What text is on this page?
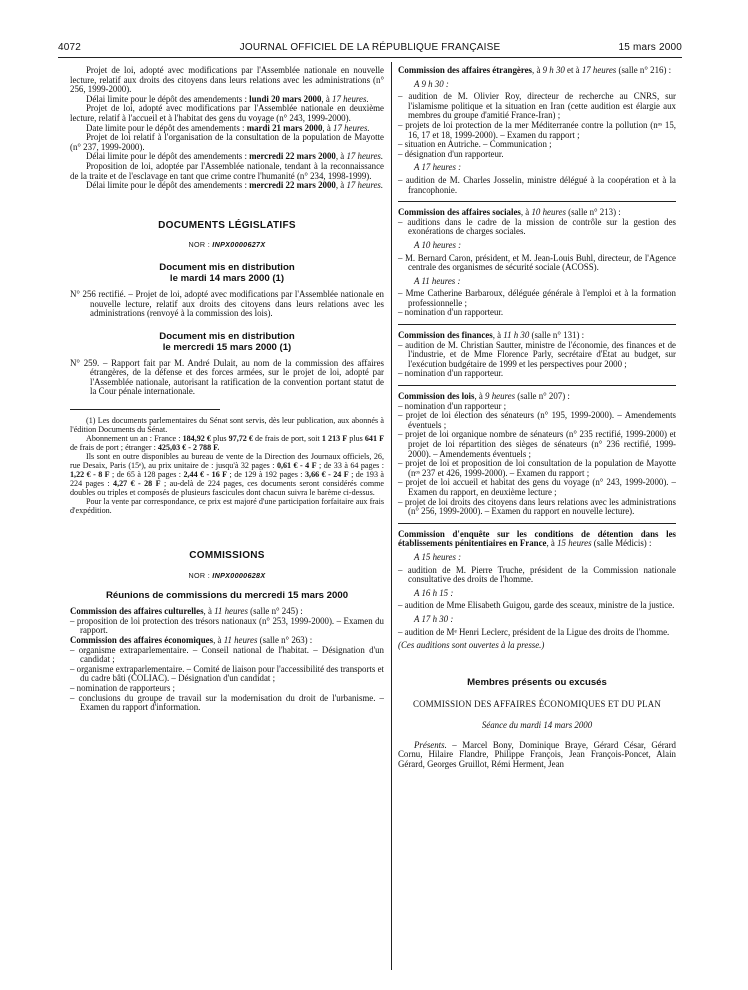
4072	JOURNAL OFFICIEL DE LA RÉPUBLIQUE FRANÇAISE	15 mars 2000

Projet de loi, adopté avec modifications par l'Assemblée nationale en nouvelle lecture, relatif aux droits des citoyens dans leurs relations avec les administrations (n° 256, 1999-2000).

Délai limite pour le dépôt des amendements : lundi 20 mars 2000, à 17 heures.

Projet de loi, adopté avec modifications par l'Assemblée nationale en deuxième lecture, relatif à l'accueil et à l'habitat des gens du voyage (n° 243, 1999-2000).

Date limite pour le dépôt des amendements : mardi 21 mars 2000, à 17 heures.

Projet de loi relatif à l'organisation de la consultation de la population de Mayotte (n° 237, 1999-2000).

Délai limite pour le dépôt des amendements : mercredi 22 mars 2000, à 17 heures.

Proposition de loi, adoptée par l'Assemblée nationale, tendant à la reconnaissance de la traite et de l'esclavage en tant que crime contre l'humanité (n° 234, 1998-1999).

Délai limite pour le dépôt des amendements : mercredi 22 mars 2000, à 17 heures.

DOCUMENTS LÉGISLATIFS

NOR : INPX0000627X

Document mis en distribution
le mardi 14 mars 2000 (1)

N° 256 rectifié. – Projet de loi, adopté avec modifications par l'Assemblée nationale en nouvelle lecture, relatif aux droits des citoyens dans leurs relations avec les administrations (renvoyé à la commission des lois).

Document mis en distribution
le mercredi 15 mars 2000 (1)

N° 259. – Rapport fait par M. André Dulait, au nom de la commission des affaires étrangères, de la défense et des forces armées, sur le projet de loi, adopté par l'Assemblée nationale, autorisant la ratification de la convention portant statut de la Cour pénale internationale.

(1) Les documents parlementaires du Sénat sont servis, dès leur publication, aux abonnés à l'édition Documents du Sénat.

Abonnement un an : France : 184,92 € plus 97,72 € de frais de port, soit 1 213 F plus 641 F de frais de port ; étranger : 425,03 € - 2 788 F.

Ils sont en outre disponibles au bureau de vente de la Direction des Journaux officiels, 26, rue Desaix, Paris (15ᵉ), au prix unitaire de : jusqu'à 32 pages : 0,61 € - 4 F ; de 33 à 64 pages : 1,22 € - 8 F ; de 65 à 128 pages : 2,44 € - 16 F ; de 129 à 192 pages : 3,66 € - 24 F ; de 193 à 224 pages : 4,27 € - 28 F ; au-delà de 224 pages, ces documents seront considérés comme doubles ou triples et composés de plusieurs fascicules dont chacun suivra le barème ci-dessus.

Pour la vente par correspondance, ce prix est majoré d'une participation forfaitaire aux frais d'expédition.

COMMISSIONS

NOR : INPX0000628X

Réunions de commissions du mercredi 15 mars 2000

Commission des affaires culturelles, à 11 heures (salle n° 245) :

– proposition de loi protection des trésors nationaux (n° 253, 1999-2000). – Examen du rapport.

Commission des affaires économiques, à 11 heures (salle n° 263) :

– organisme extraparlementaire. – Conseil national de l'habitat. – Désignation d'un candidat ;

– organisme extraparlementaire. – Comité de liaison pour l'accessibilité des transports et du cadre bâti (COLIAC). – Désignation d'un candidat ;

– nomination de rapporteurs ;

– conclusions du groupe de travail sur la modernisation du droit de l'urbanisme. – Examen du rapport d'information.

Commission des affaires étrangères, à 9 h 30 et à 17 heures (salle n° 216) :

A 9 h 30 :

– audition de M. Olivier Roy, directeur de recherche au CNRS, sur l'islamisme politique et la situation en Iran (cette audition est élargie aux membres du groupe d'amitié France-Iran) ;

– projets de loi protection de la mer Méditerranée contre la pollution (nᵒˢ 15, 16, 17 et 18, 1999-2000). – Examen du rapport ;

– situation en Autriche. – Communication ;

– désignation d'un rapporteur.

A 17 heures :

– audition de M. Charles Josselin, ministre délégué à la coopération et à la francophonie.

Commission des affaires sociales, à 10 heures (salle n° 213) :

– auditions dans le cadre de la mission de contrôle sur la gestion des exonérations de charges sociales.

A 10 heures :

– M. Bernard Caron, président, et M. Jean-Louis Buhl, directeur, de l'Agence centrale des organismes de sécurité sociale (ACOSS).

A 11 heures :

– Mme Catherine Barbaroux, déléguée générale à l'emploi et à la formation professionnelle ;

– nomination d'un rapporteur.

Commission des finances, à 11 h 30 (salle n° 131) :

– audition de M. Christian Sautter, ministre de l'économie, des finances et de l'industrie, et de Mme Florence Parly, secrétaire d'Etat au budget, sur l'exécution budgétaire de 1999 et les perspectives pour 2000 ;

– nomination d'un rapporteur.

Commission des lois, à 9 heures (salle n° 207) :

– nomination d'un rapporteur ;

– projet de loi élection des sénateurs (n° 195, 1999-2000). – Amendements éventuels ;

– projet de loi organique nombre de sénateurs (n° 235 rectifié, 1999-2000) et projet de loi répartition des sièges de sénateurs (n° 236 rectifié, 1999-2000). – Amendements éventuels ;

– projet de loi et proposition de loi consultation de la population de Mayotte (nᵒˢ 237 et 426, 1999-2000). – Examen du rapport ;

– projet de loi accueil et habitat des gens du voyage (n° 243, 1999-2000). – Examen du rapport, en deuxième lecture ;

– projet de loi droits des citoyens dans leurs relations avec les administrations (n° 256, 1999-2000). – Examen du rapport en nouvelle lecture).

Commission d'enquête sur les conditions de détention dans les établissements pénitentiaires en France, à 15 heures (salle Médicis) :

A 15 heures :

– audition de M. Pierre Truche, président de la Commission nationale consultative des droits de l'homme.

A 16 h 15 :

– audition de Mme Elisabeth Guigou, garde des sceaux, ministre de la justice.

A 17 h 30 :

– audition de Mᵉ Henri Leclerc, président de la Ligue des droits de l'homme.

(Ces auditions sont ouvertes à la presse.)

Membres présents ou excusés

COMMISSION DES AFFAIRES ÉCONOMIQUES ET DU PLAN

Séance du mardi 14 mars 2000

Présents. – Marcel Bony, Dominique Braye, Gérard César, Gérard Cornu, Hilaire Flandre, Philippe François, Jean François-Poncet, Alain Gérard, Georges Gruillot, Rémi Herment, Jean
